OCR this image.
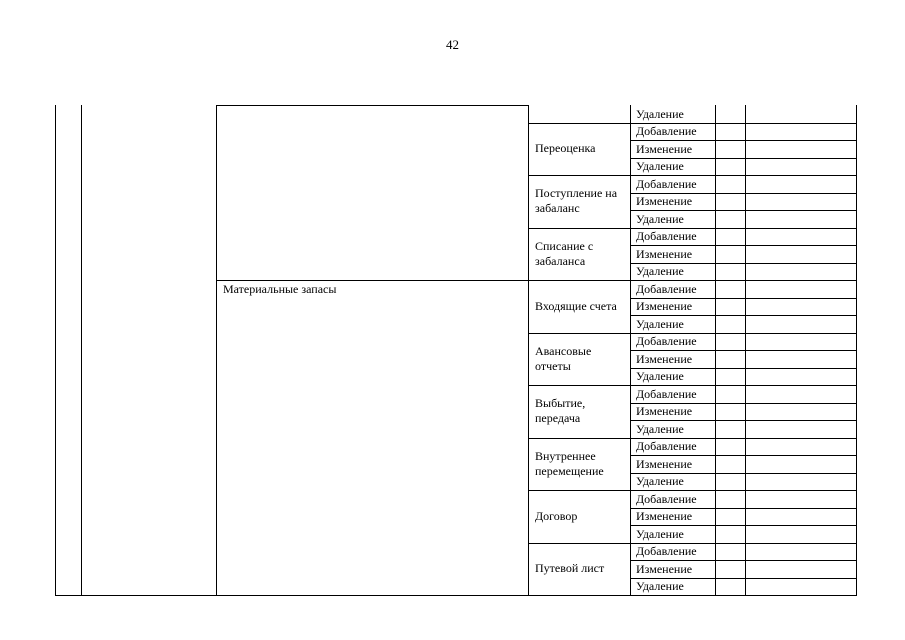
42
Удаление
Переоценка
Добавление
Изменение
Удаление
Поступление на забаланс
Добавление
Изменение
Удаление
Списание с забаланса
Добавление
Изменение
Удаление
Материальные запасы
Входящие счета
Добавление
Изменение
Удаление
Авансовые отчеты
Добавление
Изменение
Удаление
Выбытие, передача
Добавление
Изменение
Удаление
Внутреннее перемещение
Добавление
Изменение
Удаление
Договор
Добавление
Изменение
Удаление
Путевой лист
Добавление
Изменение
Удаление
